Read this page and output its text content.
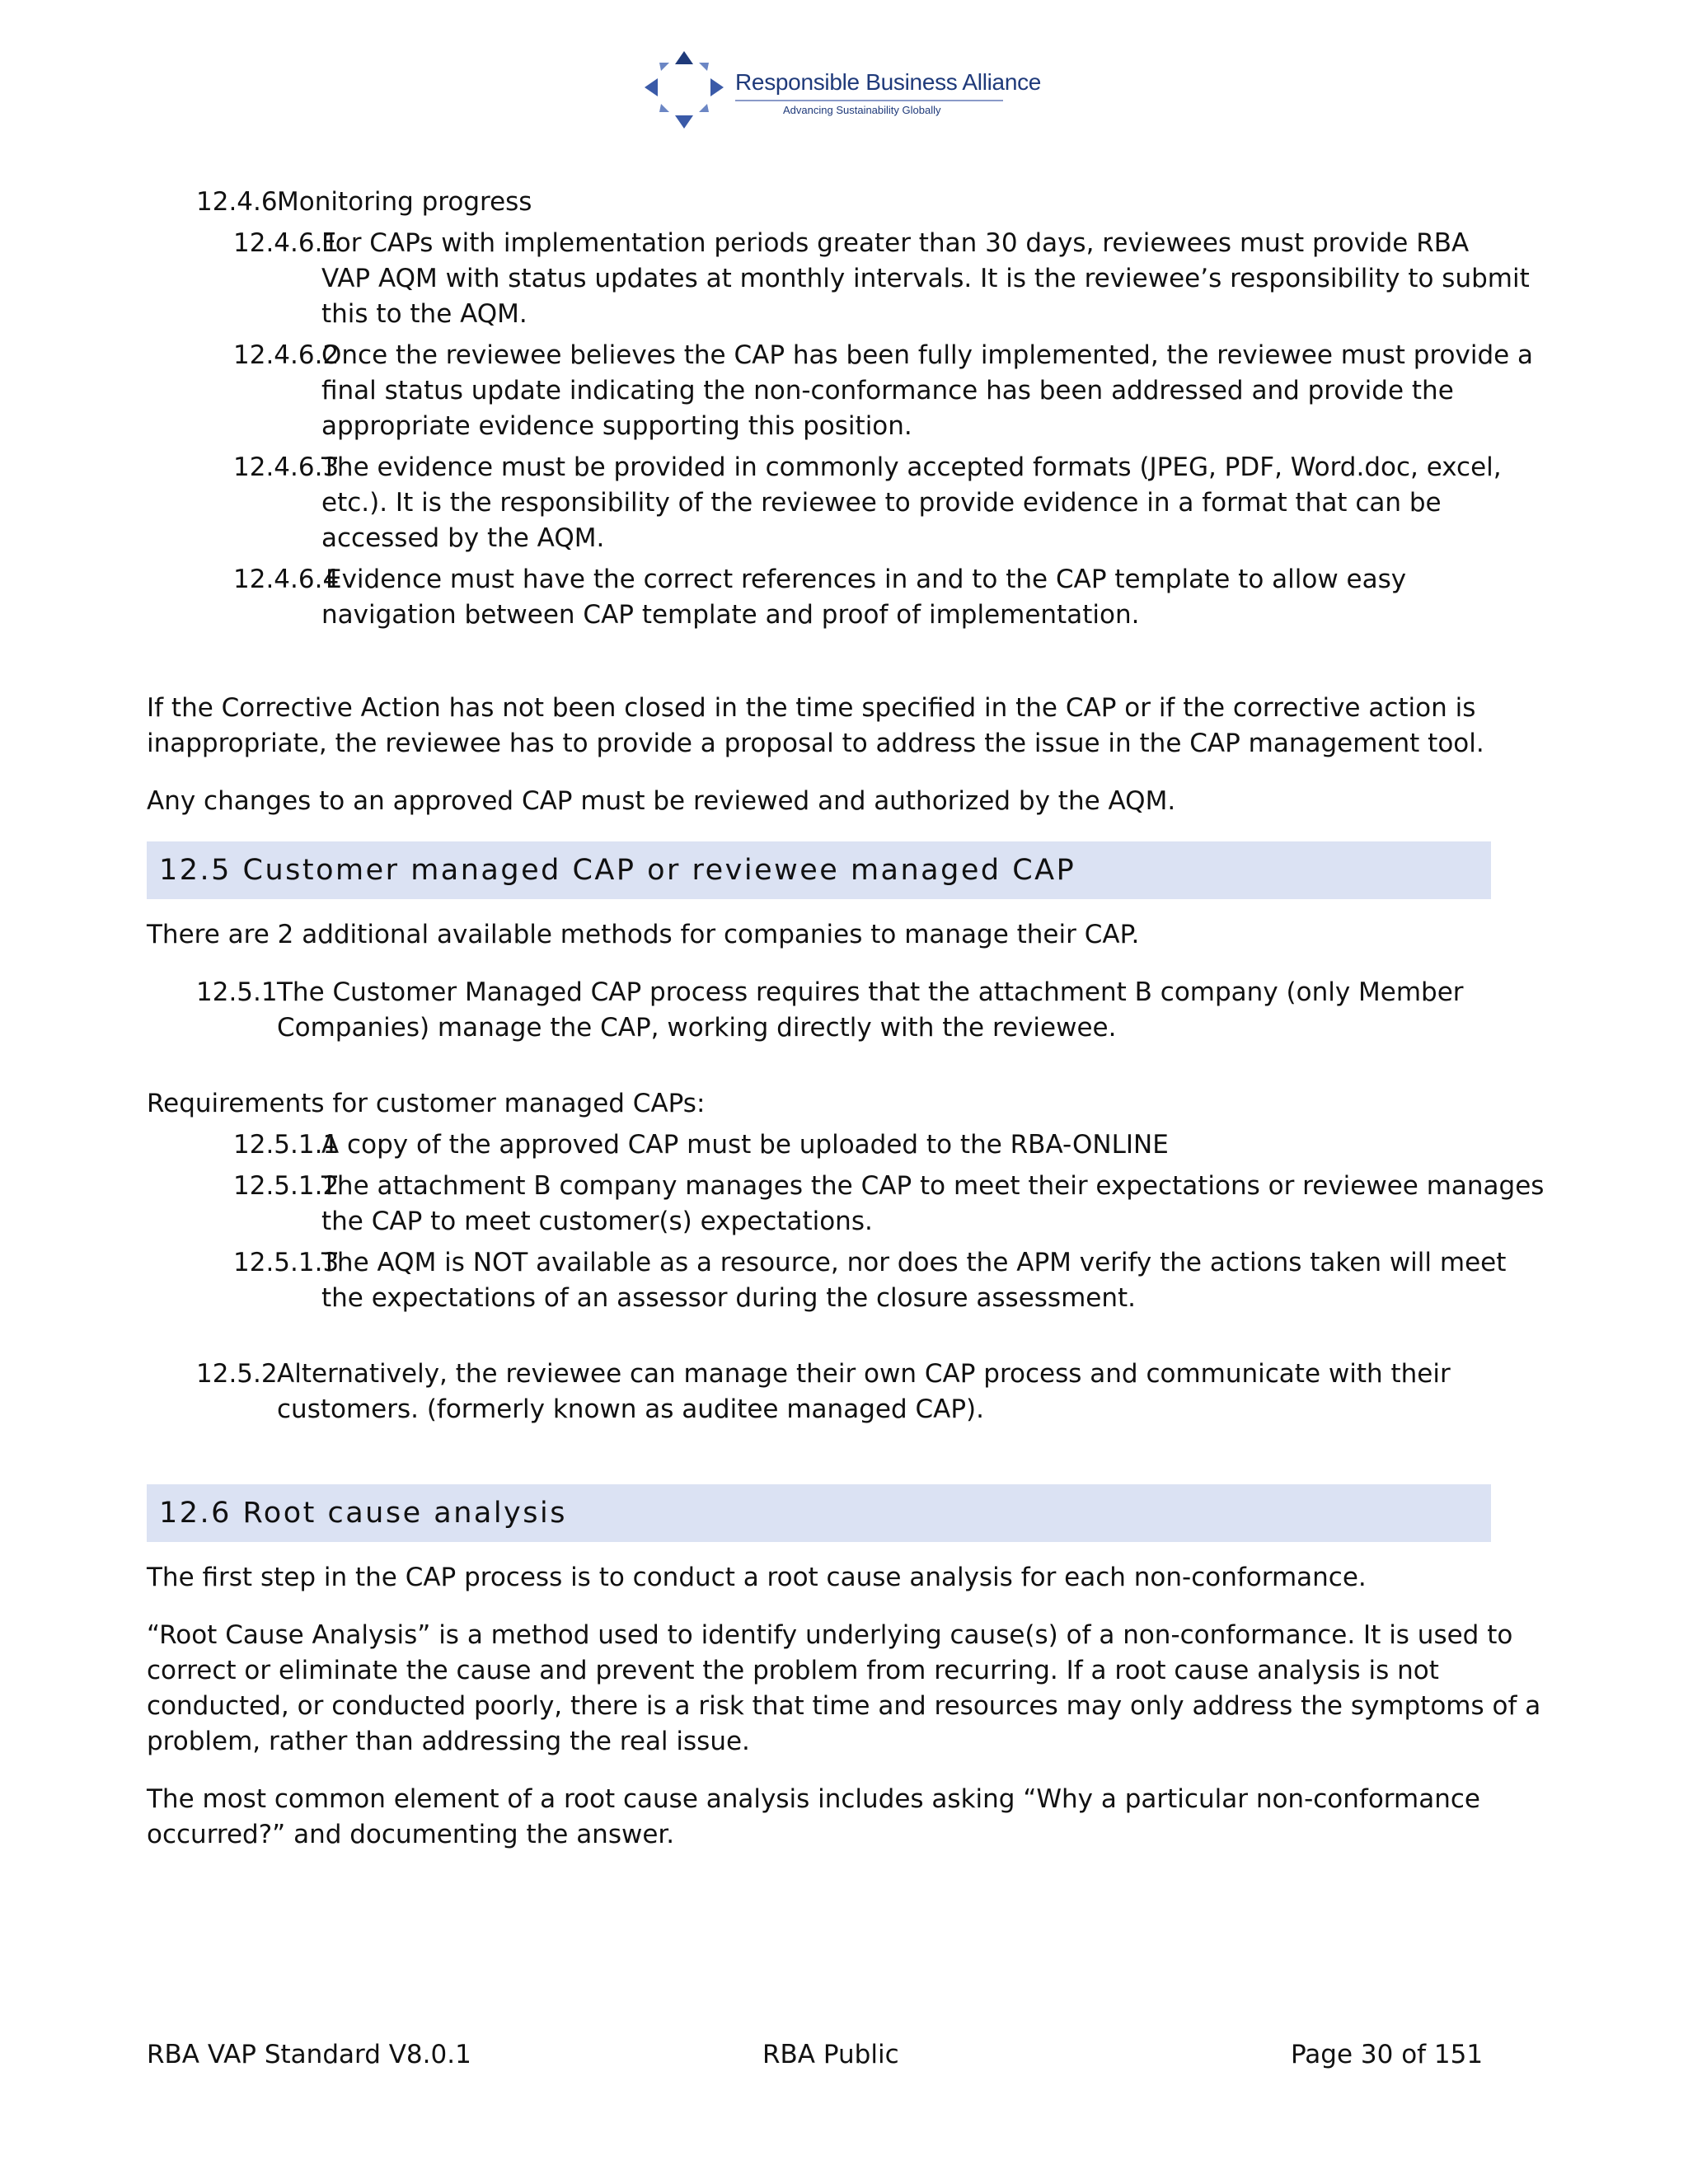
Responsible Business Alliance
Advancing Sustainability Globally
12.4.6 Monitoring progress
12.4.6.1
For CAPs with implementation periods greater than 30 days, reviewees must provide RBA
VAP AQM with status updates at monthly intervals. It is the reviewee’s responsibility to submit
this to the AQM.
12.4.6.2
Once the reviewee believes the CAP has been fully implemented, the reviewee must provide a
final status update indicating the non-conformance has been addressed and provide the
appropriate evidence supporting this position.
12.4.6.3
The evidence must be provided in commonly accepted formats (JPEG, PDF, Word.doc, excel,
etc.). It is the responsibility of the reviewee to provide evidence in a format that can be
accessed by the AQM.
12.4.6.4
Evidence must have the correct references in and to the CAP template to allow easy
navigation between CAP template and proof of implementation.
If the Corrective Action has not been closed in the time specified in the CAP or if the corrective action is
inappropriate, the reviewee has to provide a proposal to address the issue in the CAP management tool.
Any changes to an approved CAP must be reviewed and authorized by the AQM.
12.5 Customer managed CAP or reviewee managed CAP
There are 2 additional available methods for companies to manage their CAP.
12.5.1 The Customer Managed CAP process requires that the attachment B company (only Member
Companies) manage the CAP, working directly with the reviewee.
Requirements for customer managed CAPs:
12.5.1.1
A copy of the approved CAP must be uploaded to the RBA-ONLINE
12.5.1.2
The attachment B company manages the CAP to meet their expectations or reviewee manages
the CAP to meet customer(s) expectations.
12.5.1.3
The AQM is NOT available as a resource, nor does the APM verify the actions taken will meet
the expectations of an assessor during the closure assessment.
12.5.2 Alternatively, the reviewee can manage their own CAP process and communicate with their
customers. (formerly known as auditee managed CAP).
12.6 Root cause analysis
The first step in the CAP process is to conduct a root cause analysis for each non-conformance.
“Root Cause Analysis” is a method used to identify underlying cause(s) of a non-conformance. It is used to
correct or eliminate the cause and prevent the problem from recurring. If a root cause analysis is not
conducted, or conducted poorly, there is a risk that time and resources may only address the symptoms of a
problem, rather than addressing the real issue.
The most common element of a root cause analysis includes asking “Why a particular non-conformance
occurred?” and documenting the answer.
RBA VAP Standard V8.0.1	RBA Public	Page 30 of 151
